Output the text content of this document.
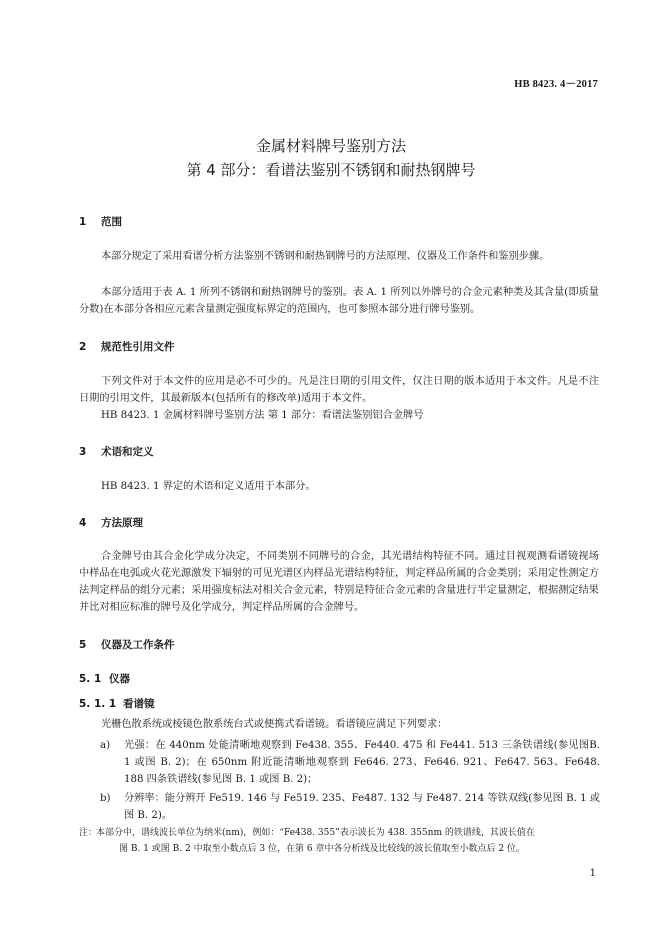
HB 8423. 4－2017
金属材料牌号鉴别方法
第 4 部分：看谱法鉴别不锈钢和耐热钢牌号
1 范围
本部分规定了采用看谱分析方法鉴别不锈钢和耐热钢牌号的方法原理、仪器及工作条件和鉴别步骤。
本部分适用于表 A. 1 所列不锈钢和耐热钢牌号的鉴别。表 A. 1 所列以外牌号的合金元素种类及其含量(即质量分数)在本部分各相应元素含量测定强度标界定的范围内，也可参照本部分进行牌号鉴别。
2 规范性引用文件
下列文件对于本文件的应用是必不可少的。凡是注日期的引用文件，仅注日期的版本适用于本文件。凡是不注日期的引用文件，其最新版本(包括所有的修改单)适用于本文件。
HB 8423. 1 金属材料牌号鉴别方法 第 1 部分：看谱法鉴别铝合金牌号
3 术语和定义
HB 8423. 1 界定的术语和定义适用于本部分。
4 方法原理
合金牌号由其合金化学成分决定，不同类别不同牌号的合金，其光谱结构特征不同。通过目视观测看谱镜视场中样品在电弧或火花光源激发下辐射的可见光谱区内样品光谱结构特征，判定样品所属的合金类别；采用定性测定方法判定样品的组分元素；采用强度标法对相关合金元素，特别是特征合金元素的含量进行半定量测定，根据测定结果并比对相应标准的牌号及化学成分，判定样品所属的合金牌号。
5 仪器及工作条件
5. 1 仪器
5. 1. 1 看谱镜
光栅色散系统或棱镜色散系统台式或便携式看谱镜。看谱镜应满足下列要求：
a) 光强：在 440nm 处能清晰地观察到 Fe438. 355、Fe440. 475 和 Fe441. 513 三条铁谱线(参见图B. 1 或图 B. 2)；在 650nm 附近能清晰地观察到 Fe646. 273、Fe646. 921、Fe647. 563、Fe648. 188 四条铁谱线(参见图 B. 1 或图 B. 2)；
b) 分辨率：能分辨开 Fe519. 146 与 Fe519. 235、Fe487. 132 与 Fe487. 214 等铁双线(参见图 B. 1 或图 B. 2)。
注：
本部分中，谱线波长单位为纳米(nm)，例如：“Fe438. 355”表示波长为 438. 355nm 的铁谱线，其波长值在
图 B. 1 或图 B. 2 中取至小数点后 3 位，在第 6 章中各分析线及比较线的波长值取至小数点后 2 位。
1
